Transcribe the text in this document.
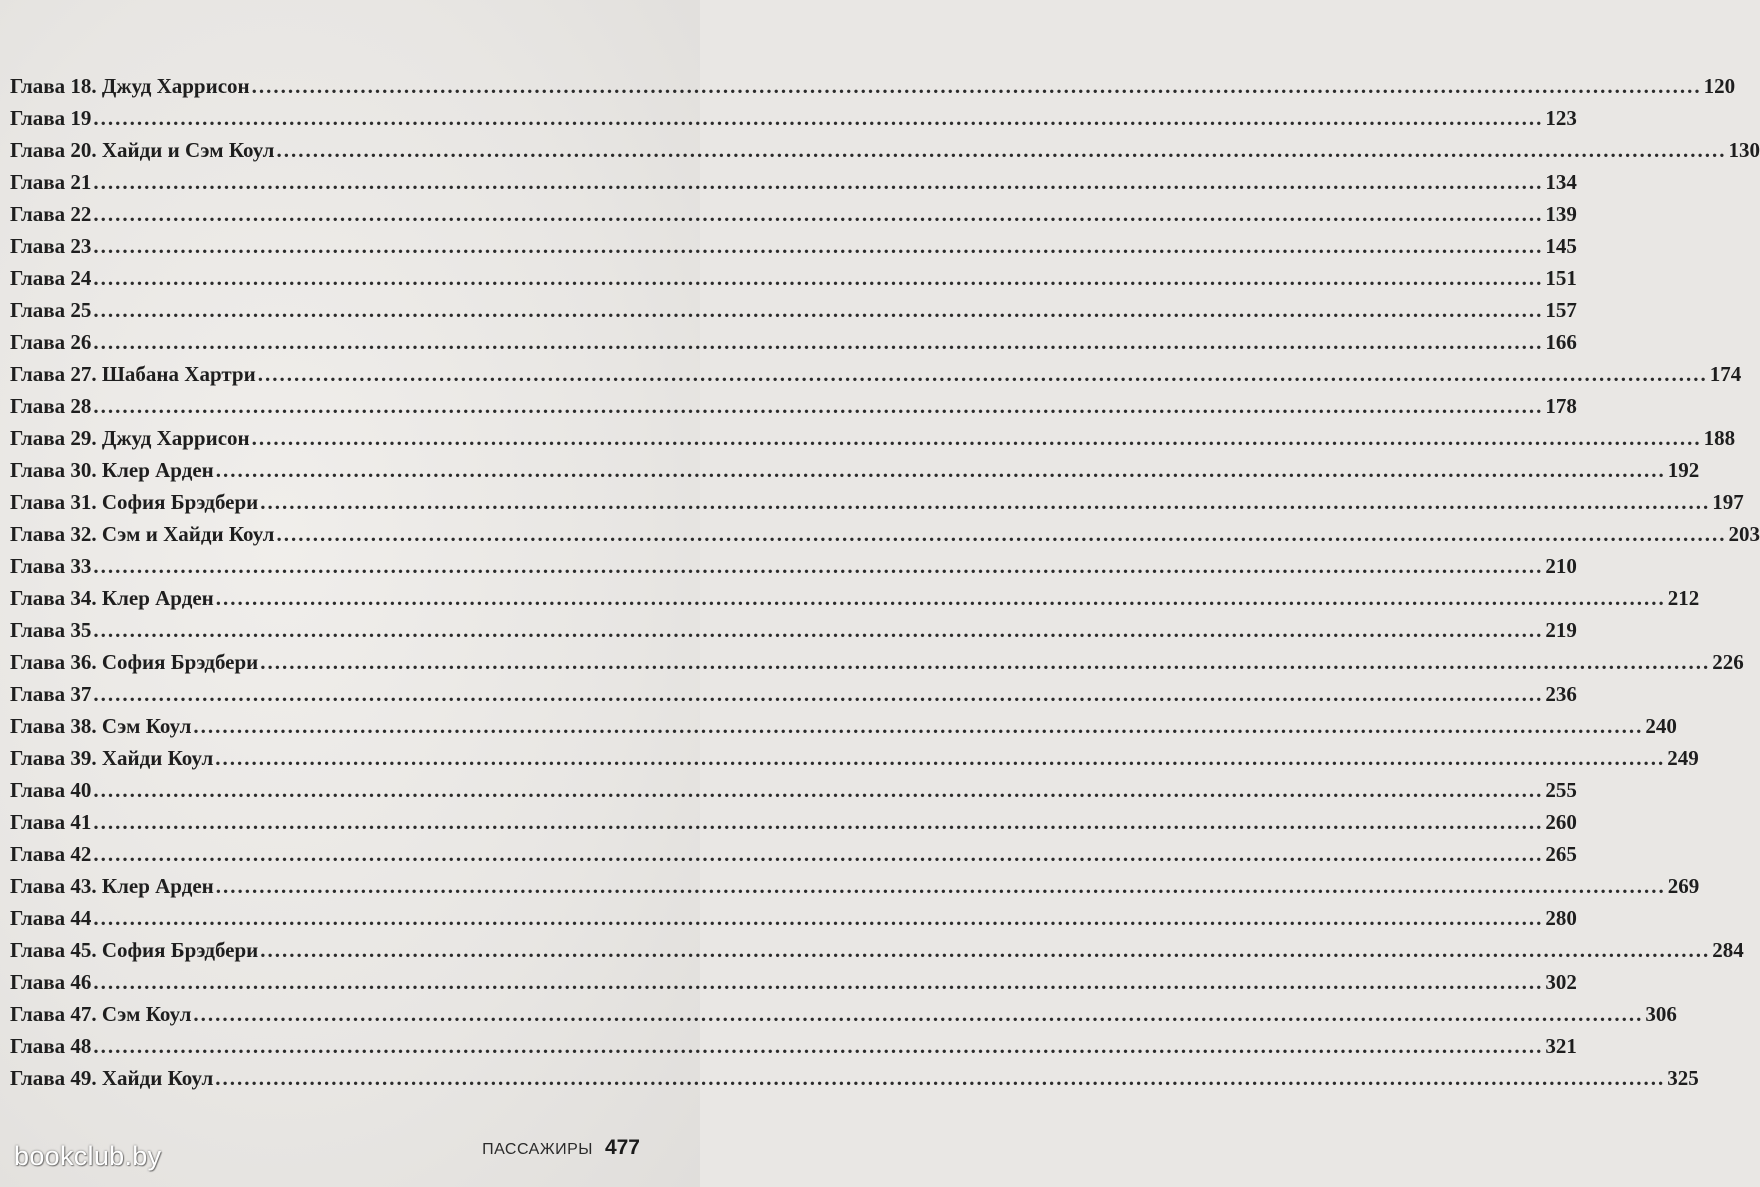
Глава 18. Джуд Харрисон ........................................................................................................................................................................................................ 120
Глава 19 ........................................................................................................................................................................................................ 123
Глава 20. Хайди и Сэм Коул ........................................................................................................................................................................................................ 130
Глава 21 ........................................................................................................................................................................................................ 134
Глава 22 ........................................................................................................................................................................................................ 139
Глава 23 ........................................................................................................................................................................................................ 145
Глава 24 ........................................................................................................................................................................................................ 151
Глава 25 ........................................................................................................................................................................................................ 157
Глава 26 ........................................................................................................................................................................................................ 166
Глава 27. Шабана Хартри ........................................................................................................................................................................................................ 174
Глава 28 ........................................................................................................................................................................................................ 178
Глава 29. Джуд Харрисон ........................................................................................................................................................................................................ 188
Глава 30. Клер Арден ........................................................................................................................................................................................................ 192
Глава 31. София Брэдбери ........................................................................................................................................................................................................ 197
Глава 32. Сэм и Хайди Коул ........................................................................................................................................................................................................ 203
Глава 33 ........................................................................................................................................................................................................ 210
Глава 34. Клер Арден ........................................................................................................................................................................................................ 212
Глава 35 ........................................................................................................................................................................................................ 219
Глава 36. София Брэдбери ........................................................................................................................................................................................................ 226
Глава 37 ........................................................................................................................................................................................................ 236
Глава 38. Сэм Коул ........................................................................................................................................................................................................ 240
Глава 39. Хайди Коул ........................................................................................................................................................................................................ 249
Глава 40 ........................................................................................................................................................................................................ 255
Глава 41 ........................................................................................................................................................................................................ 260
Глава 42 ........................................................................................................................................................................................................ 265
Глава 43. Клер Арден ........................................................................................................................................................................................................ 269
Глава 44 ........................................................................................................................................................................................................ 280
Глава 45. София Брэдбери ........................................................................................................................................................................................................ 284
Глава 46 ........................................................................................................................................................................................................ 302
Глава 47. Сэм Коул ........................................................................................................................................................................................................ 306
Глава 48 ........................................................................................................................................................................................................ 321
Глава 49. Хайди Коул ........................................................................................................................................................................................................ 325
ПАССАЖИРЫ 477
bookclub.by
